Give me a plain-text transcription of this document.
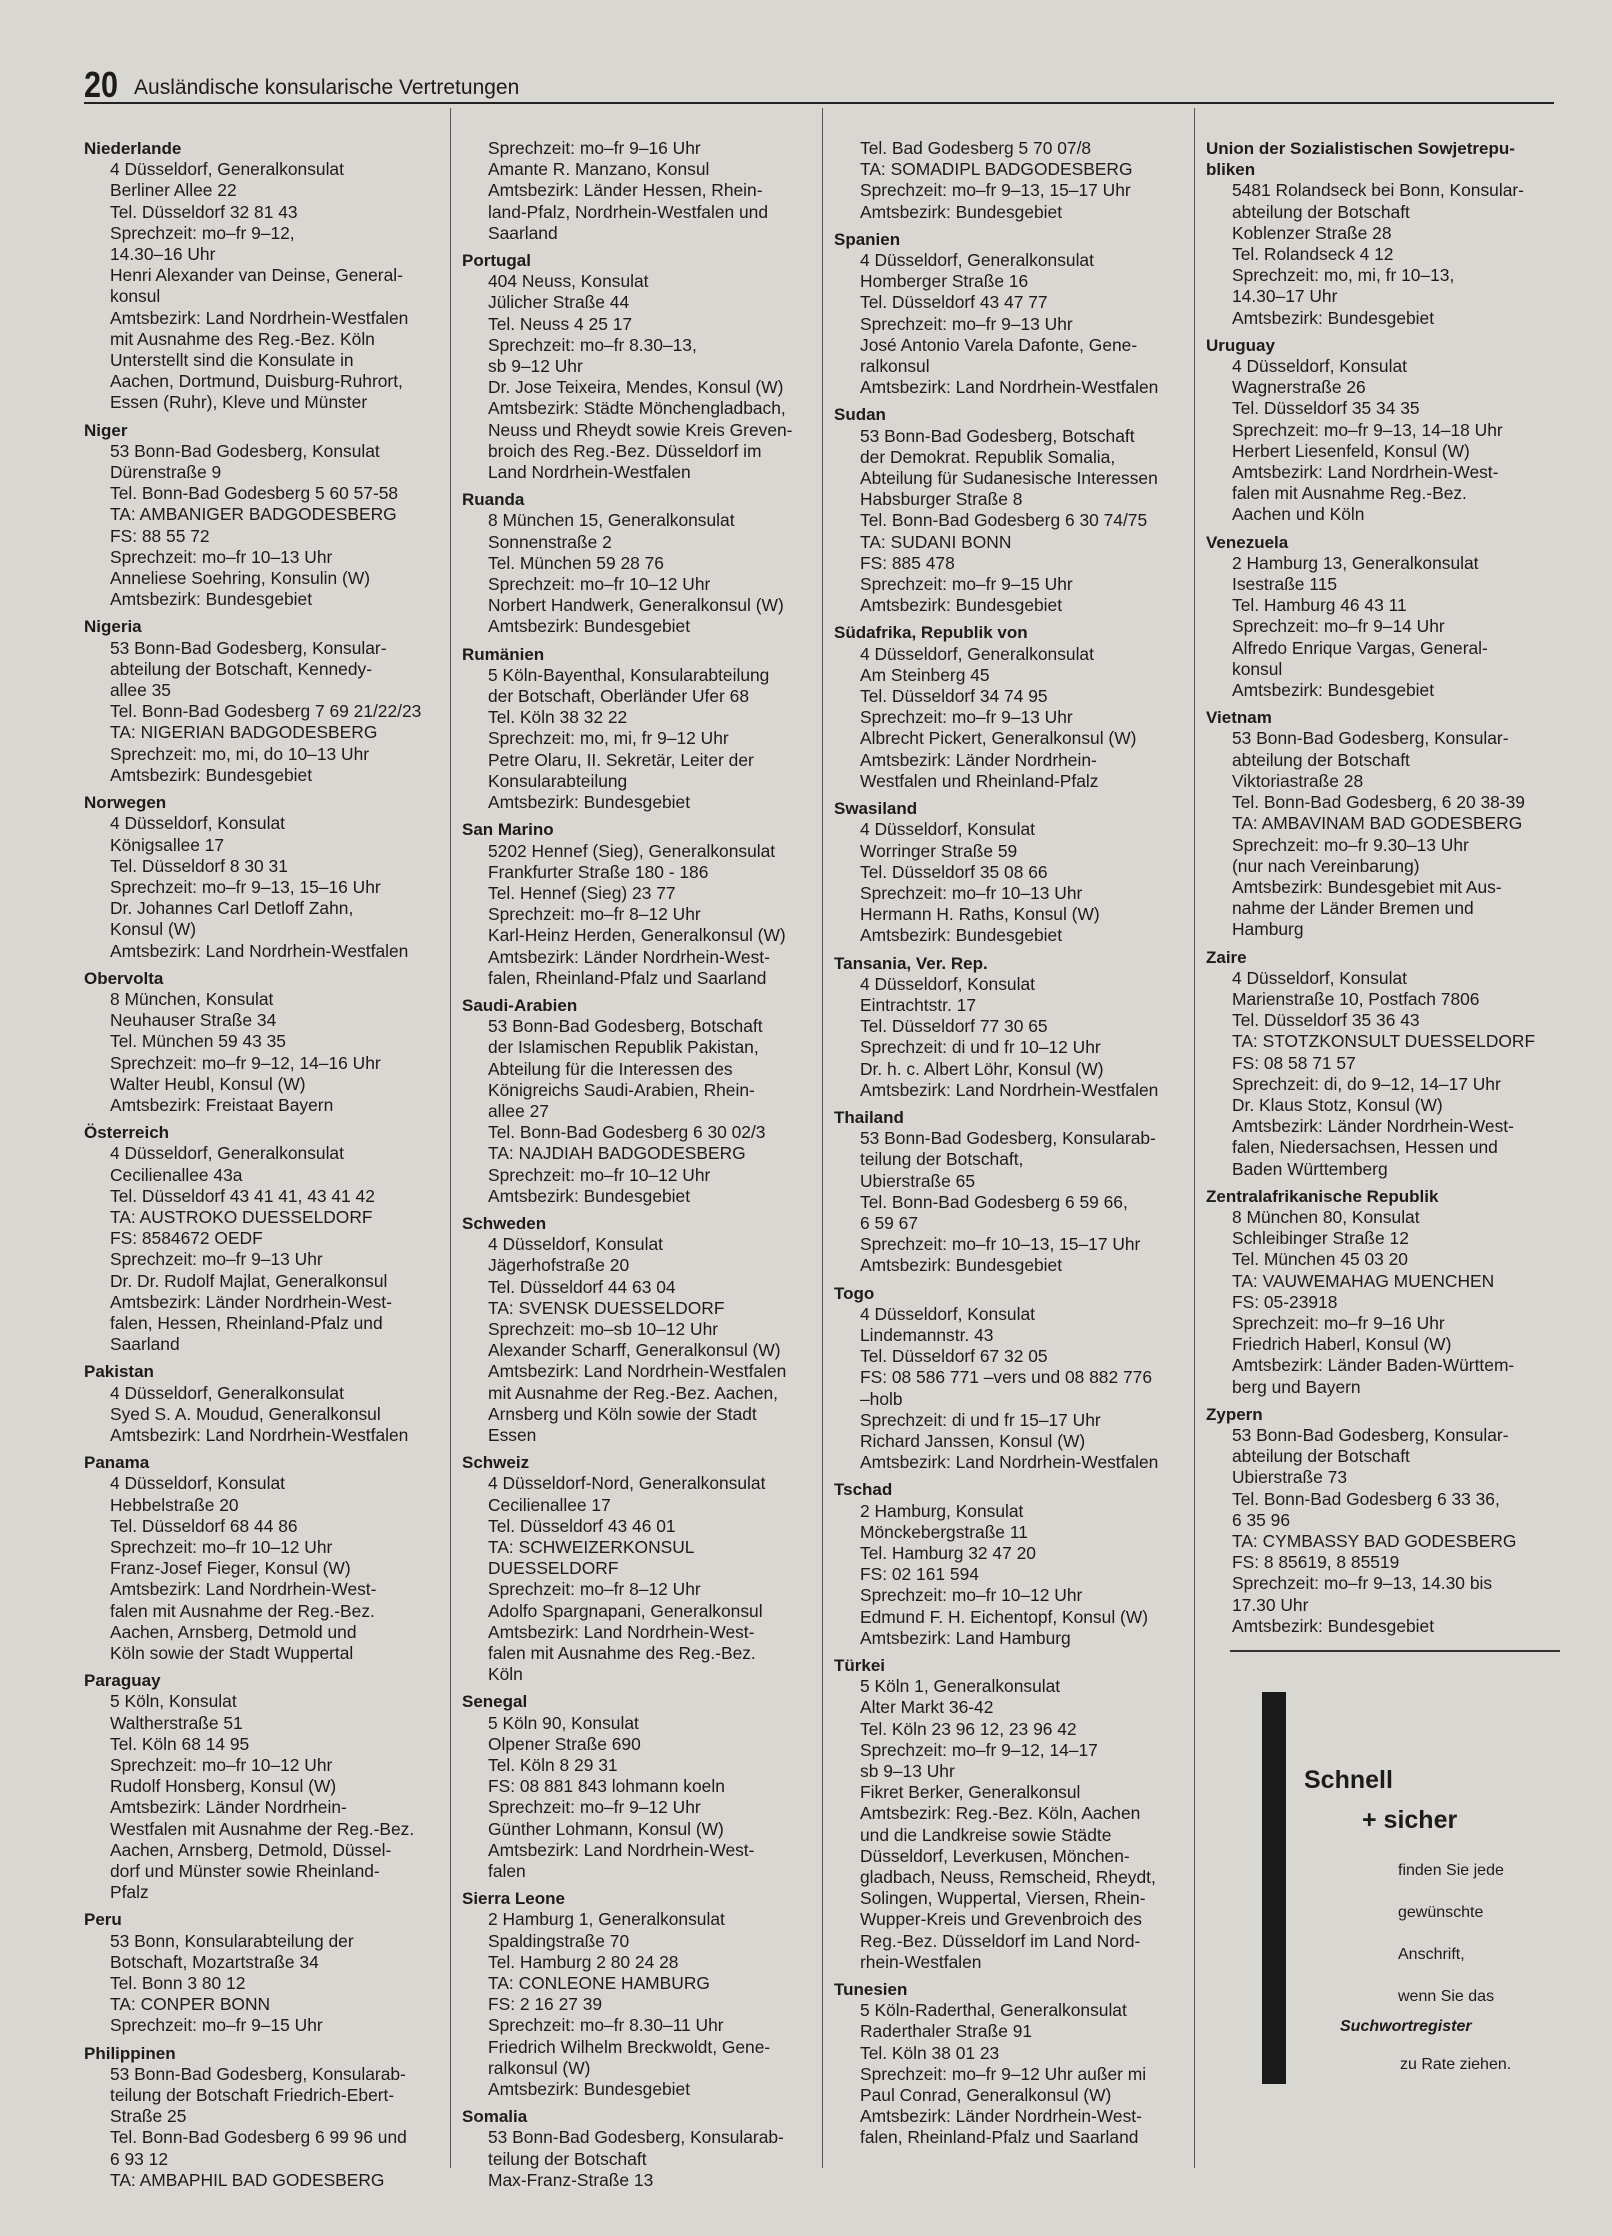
20 Ausländische konsularische Vertretungen
Niederlande
4 Düsseldorf, Generalkonsulat
Berliner Allee 22
Tel. Düsseldorf 32 81 43
Sprechzeit: mo–fr 9–12,
14.30–16 Uhr
Henri Alexander van Deinse, General-
konsul
Amtsbezirk: Land Nordrhein-Westfalen
mit Ausnahme des Reg.-Bez. Köln
Unterstellt sind die Konsulate in
Aachen, Dortmund, Duisburg-Ruhrort,
Essen (Ruhr), Kleve und Münster
Niger
53 Bonn-Bad Godesberg, Konsulat
Dürenstraße 9
Tel. Bonn-Bad Godesberg 5 60 57-58
TA: AMBANIGER BADGODESBERG
FS: 88 55 72
Sprechzeit: mo–fr 10–13 Uhr
Anneliese Soehring, Konsulin (W)
Amtsbezirk: Bundesgebiet
Nigeria
53 Bonn-Bad Godesberg, Konsular-
abteilung der Botschaft, Kennedy-
allee 35
Tel. Bonn-Bad Godesberg 7 69 21/22/23
TA: NIGERIAN BADGODESBERG
Sprechzeit: mo, mi, do 10–13 Uhr
Amtsbezirk: Bundesgebiet
Norwegen
4 Düsseldorf, Konsulat
Königsallee 17
Tel. Düsseldorf 8 30 31
Sprechzeit: mo–fr 9–13, 15–16 Uhr
Dr. Johannes Carl Detloff Zahn,
Konsul (W)
Amtsbezirk: Land Nordrhein-Westfalen
Obervolta
8 München, Konsulat
Neuhauser Straße 34
Tel. München 59 43 35
Sprechzeit: mo–fr 9–12, 14–16 Uhr
Walter Heubl, Konsul (W)
Amtsbezirk: Freistaat Bayern
Österreich
4 Düsseldorf, Generalkonsulat
Cecilienallee 43a
Tel. Düsseldorf 43 41 41, 43 41 42
TA: AUSTROKO DUESSELDORF
FS: 8584672 OEDF
Sprechzeit: mo–fr 9–13 Uhr
Dr. Dr. Rudolf Majlat, Generalkonsul
Amtsbezirk: Länder Nordrhein-West-
falen, Hessen, Rheinland-Pfalz und
Saarland
Pakistan
4 Düsseldorf, Generalkonsulat
Syed S. A. Moudud, Generalkonsul
Amtsbezirk: Land Nordrhein-Westfalen
Panama
4 Düsseldorf, Konsulat
Hebbelstraße 20
Tel. Düsseldorf 68 44 86
Sprechzeit: mo–fr 10–12 Uhr
Franz-Josef Fieger, Konsul (W)
Amtsbezirk: Land Nordrhein-West-
falen mit Ausnahme der Reg.-Bez.
Aachen, Arnsberg, Detmold und
Köln sowie der Stadt Wuppertal
Paraguay
5 Köln, Konsulat
Waltherstraße 51
Tel. Köln 68 14 95
Sprechzeit: mo–fr 10–12 Uhr
Rudolf Honsberg, Konsul (W)
Amtsbezirk: Länder Nordrhein-
Westfalen mit Ausnahme der Reg.-Bez.
Aachen, Arnsberg, Detmold, Düssel-
dorf und Münster sowie Rheinland-
Pfalz
Peru
53 Bonn, Konsularabteilung der
Botschaft, Mozartstraße 34
Tel. Bonn 3 80 12
TA: CONPER BONN
Sprechzeit: mo–fr 9–15 Uhr
Philippinen
53 Bonn-Bad Godesberg, Konsularab-
teilung der Botschaft Friedrich-Ebert-
Straße 25
Tel. Bonn-Bad Godesberg 6 99 96 und
6 93 12
TA: AMBAPHIL BAD GODESBERG
Sprechzeit: mo–fr 9–16 Uhr
Amante R. Manzano, Konsul
Amtsbezirk: Länder Hessen, Rhein-
land-Pfalz, Nordrhein-Westfalen und
Saarland
Portugal
404 Neuss, Konsulat
Jülicher Straße 44
Tel. Neuss 4 25 17
Sprechzeit: mo–fr 8.30–13,
sb 9–12 Uhr
Dr. Jose Teixeira, Mendes, Konsul (W)
Amtsbezirk: Städte Mönchengladbach,
Neuss und Rheydt sowie Kreis Greven-
broich des Reg.-Bez. Düsseldorf im
Land Nordrhein-Westfalen
Ruanda
8 München 15, Generalkonsulat
Sonnenstraße 2
Tel. München 59 28 76
Sprechzeit: mo–fr 10–12 Uhr
Norbert Handwerk, Generalkonsul (W)
Amtsbezirk: Bundesgebiet
Rumänien
5 Köln-Bayenthal, Konsularabteilung
der Botschaft, Oberländer Ufer 68
Tel. Köln 38 32 22
Sprechzeit: mo, mi, fr 9–12 Uhr
Petre Olaru, II. Sekretär, Leiter der
Konsularabteilung
Amtsbezirk: Bundesgebiet
San Marino
5202 Hennef (Sieg), Generalkonsulat
Frankfurter Straße 180 - 186
Tel. Hennef (Sieg) 23 77
Sprechzeit: mo–fr 8–12 Uhr
Karl-Heinz Herden, Generalkonsul (W)
Amtsbezirk: Länder Nordrhein-West-
falen, Rheinland-Pfalz und Saarland
Saudi-Arabien
53 Bonn-Bad Godesberg, Botschaft
der Islamischen Republik Pakistan,
Abteilung für die Interessen des
Königreichs Saudi-Arabien, Rhein-
allee 27
Tel. Bonn-Bad Godesberg 6 30 02/3
TA: NAJDIAH BADGODESBERG
Sprechzeit: mo–fr 10–12 Uhr
Amtsbezirk: Bundesgebiet
Schweden
4 Düsseldorf, Konsulat
Jägerhofstraße 20
Tel. Düsseldorf 44 63 04
TA: SVENSK DUESSELDORF
Sprechzeit: mo–sb 10–12 Uhr
Alexander Scharff, Generalkonsul (W)
Amtsbezirk: Land Nordrhein-Westfalen
mit Ausnahme der Reg.-Bez. Aachen,
Arnsberg und Köln sowie der Stadt
Essen
Schweiz
4 Düsseldorf-Nord, Generalkonsulat
Cecilienallee 17
Tel. Düsseldorf 43 46 01
TA: SCHWEIZERKONSUL
DUESSELDORF
Sprechzeit: mo–fr 8–12 Uhr
Adolfo Spargnapani, Generalkonsul
Amtsbezirk: Land Nordrhein-West-
falen mit Ausnahme des Reg.-Bez.
Köln
Senegal
5 Köln 90, Konsulat
Olpener Straße 690
Tel. Köln 8 29 31
FS: 08 881 843 lohmann koeln
Sprechzeit: mo–fr 9–12 Uhr
Günther Lohmann, Konsul (W)
Amtsbezirk: Land Nordrhein-West-
falen
Sierra Leone
2 Hamburg 1, Generalkonsulat
Spaldingstraße 70
Tel. Hamburg 2 80 24 28
TA: CONLEONE HAMBURG
FS: 2 16 27 39
Sprechzeit: mo–fr 8.30–11 Uhr
Friedrich Wilhelm Breckwoldt, Gene-
ralkonsul (W)
Amtsbezirk: Bundesgebiet
Somalia
53 Bonn-Bad Godesberg, Konsularab-
teilung der Botschaft
Max-Franz-Straße 13
Tel. Bad Godesberg 5 70 07/8
TA: SOMADIPL BADGODESBERG
Sprechzeit: mo–fr 9–13, 15–17 Uhr
Amtsbezirk: Bundesgebiet
Spanien
4 Düsseldorf, Generalkonsulat
Homberger Straße 16
Tel. Düsseldorf 43 47 77
Sprechzeit: mo–fr 9–13 Uhr
José Antonio Varela Dafonte, Gene-
ralkonsul
Amtsbezirk: Land Nordrhein-Westfalen
Sudan
53 Bonn-Bad Godesberg, Botschaft
der Demokrat. Republik Somalia,
Abteilung für Sudanesische Interessen
Habsburger Straße 8
Tel. Bonn-Bad Godesberg 6 30 74/75
TA: SUDANI BONN
FS: 885 478
Sprechzeit: mo–fr 9–15 Uhr
Amtsbezirk: Bundesgebiet
Südafrika, Republik von
4 Düsseldorf, Generalkonsulat
Am Steinberg 45
Tel. Düsseldorf 34 74 95
Sprechzeit: mo–fr 9–13 Uhr
Albrecht Pickert, Generalkonsul (W)
Amtsbezirk: Länder Nordrhein-
Westfalen und Rheinland-Pfalz
Swasiland
4 Düsseldorf, Konsulat
Worringer Straße 59
Tel. Düsseldorf 35 08 66
Sprechzeit: mo–fr 10–13 Uhr
Hermann H. Raths, Konsul (W)
Amtsbezirk: Bundesgebiet
Tansania, Ver. Rep.
4 Düsseldorf, Konsulat
Eintrachtstr. 17
Tel. Düsseldorf 77 30 65
Sprechzeit: di und fr 10–12 Uhr
Dr. h. c. Albert Löhr, Konsul (W)
Amtsbezirk: Land Nordrhein-Westfalen
Thailand
53 Bonn-Bad Godesberg, Konsularab-
teilung der Botschaft,
Ubierstraße 65
Tel. Bonn-Bad Godesberg 6 59 66,
6 59 67
Sprechzeit: mo–fr 10–13, 15–17 Uhr
Amtsbezirk: Bundesgebiet
Togo
4 Düsseldorf, Konsulat
Lindemannstr. 43
Tel. Düsseldorf 67 32 05
FS: 08 586 771 –vers und 08 882 776
–holb
Sprechzeit: di und fr 15–17 Uhr
Richard Janssen, Konsul (W)
Amtsbezirk: Land Nordrhein-Westfalen
Tschad
2 Hamburg, Konsulat
Mönckebergstraße 11
Tel. Hamburg 32 47 20
FS: 02 161 594
Sprechzeit: mo–fr 10–12 Uhr
Edmund F. H. Eichentopf, Konsul (W)
Amtsbezirk: Land Hamburg
Türkei
5 Köln 1, Generalkonsulat
Alter Markt 36-42
Tel. Köln 23 96 12, 23 96 42
Sprechzeit: mo–fr 9–12, 14–17
sb 9–13 Uhr
Fikret Berker, Generalkonsul
Amtsbezirk: Reg.-Bez. Köln, Aachen
und die Landkreise sowie Städte
Düsseldorf, Leverkusen, Mönchen-
gladbach, Neuss, Remscheid, Rheydt,
Solingen, Wuppertal, Viersen, Rhein-
Wupper-Kreis und Grevenbroich des
Reg.-Bez. Düsseldorf im Land Nord-
rhein-Westfalen
Tunesien
5 Köln-Raderthal, Generalkonsulat
Raderthaler Straße 91
Tel. Köln 38 01 23
Sprechzeit: mo–fr 9–12 Uhr außer mi
Paul Conrad, Generalkonsul (W)
Amtsbezirk: Länder Nordrhein-West-
falen, Rheinland-Pfalz und Saarland
Union der Sozialistischen Sowjetrepu-
bliken
5481 Rolandseck bei Bonn, Konsular-
abteilung der Botschaft
Koblenzer Straße 28
Tel. Rolandseck 4 12
Sprechzeit: mo, mi, fr 10–13,
14.30–17 Uhr
Amtsbezirk: Bundesgebiet
Uruguay
4 Düsseldorf, Konsulat
Wagnerstraße 26
Tel. Düsseldorf 35 34 35
Sprechzeit: mo–fr 9–13, 14–18 Uhr
Herbert Liesenfeld, Konsul (W)
Amtsbezirk: Land Nordrhein-West-
falen mit Ausnahme Reg.-Bez.
Aachen und Köln
Venezuela
2 Hamburg 13, Generalkonsulat
Isestraße 115
Tel. Hamburg 46 43 11
Sprechzeit: mo–fr 9–14 Uhr
Alfredo Enrique Vargas, General-
konsul
Amtsbezirk: Bundesgebiet
Vietnam
53 Bonn-Bad Godesberg, Konsular-
abteilung der Botschaft
Viktoriastraße 28
Tel. Bonn-Bad Godesberg, 6 20 38-39
TA: AMBAVINAM BAD GODESBERG
Sprechzeit: mo–fr 9.30–13 Uhr
(nur nach Vereinbarung)
Amtsbezirk: Bundesgebiet mit Aus-
nahme der Länder Bremen und
Hamburg
Zaire
4 Düsseldorf, Konsulat
Marienstraße 10, Postfach 7806
Tel. Düsseldorf 35 36 43
TA: STOTZKONSULT DUESSELDORF
FS: 08 58 71 57
Sprechzeit: di, do 9–12, 14–17 Uhr
Dr. Klaus Stotz, Konsul (W)
Amtsbezirk: Länder Nordrhein-West-
falen, Niedersachsen, Hessen und
Baden Württemberg
Zentralafrikanische Republik
8 München 80, Konsulat
Schleibinger Straße 12
Tel. München 45 03 20
TA: VAUWEMAHAG MUENCHEN
FS: 05-23918
Sprechzeit: mo–fr 9–16 Uhr
Friedrich Haberl, Konsul (W)
Amtsbezirk: Länder Baden-Württem-
berg und Bayern
Zypern
53 Bonn-Bad Godesberg, Konsular-
abteilung der Botschaft
Ubierstraße 73
Tel. Bonn-Bad Godesberg 6 33 36,
6 35 96
TA: CYMBASSY BAD GODESBERG
FS: 8 85619, 8 85519
Sprechzeit: mo–fr 9–13, 14.30 bis
17.30 Uhr
Amtsbezirk: Bundesgebiet
Schnell
+ sicher
finden Sie jede
gewünschte
Anschrift,
wenn Sie das
Suchwortregister
zu Rate ziehen.
